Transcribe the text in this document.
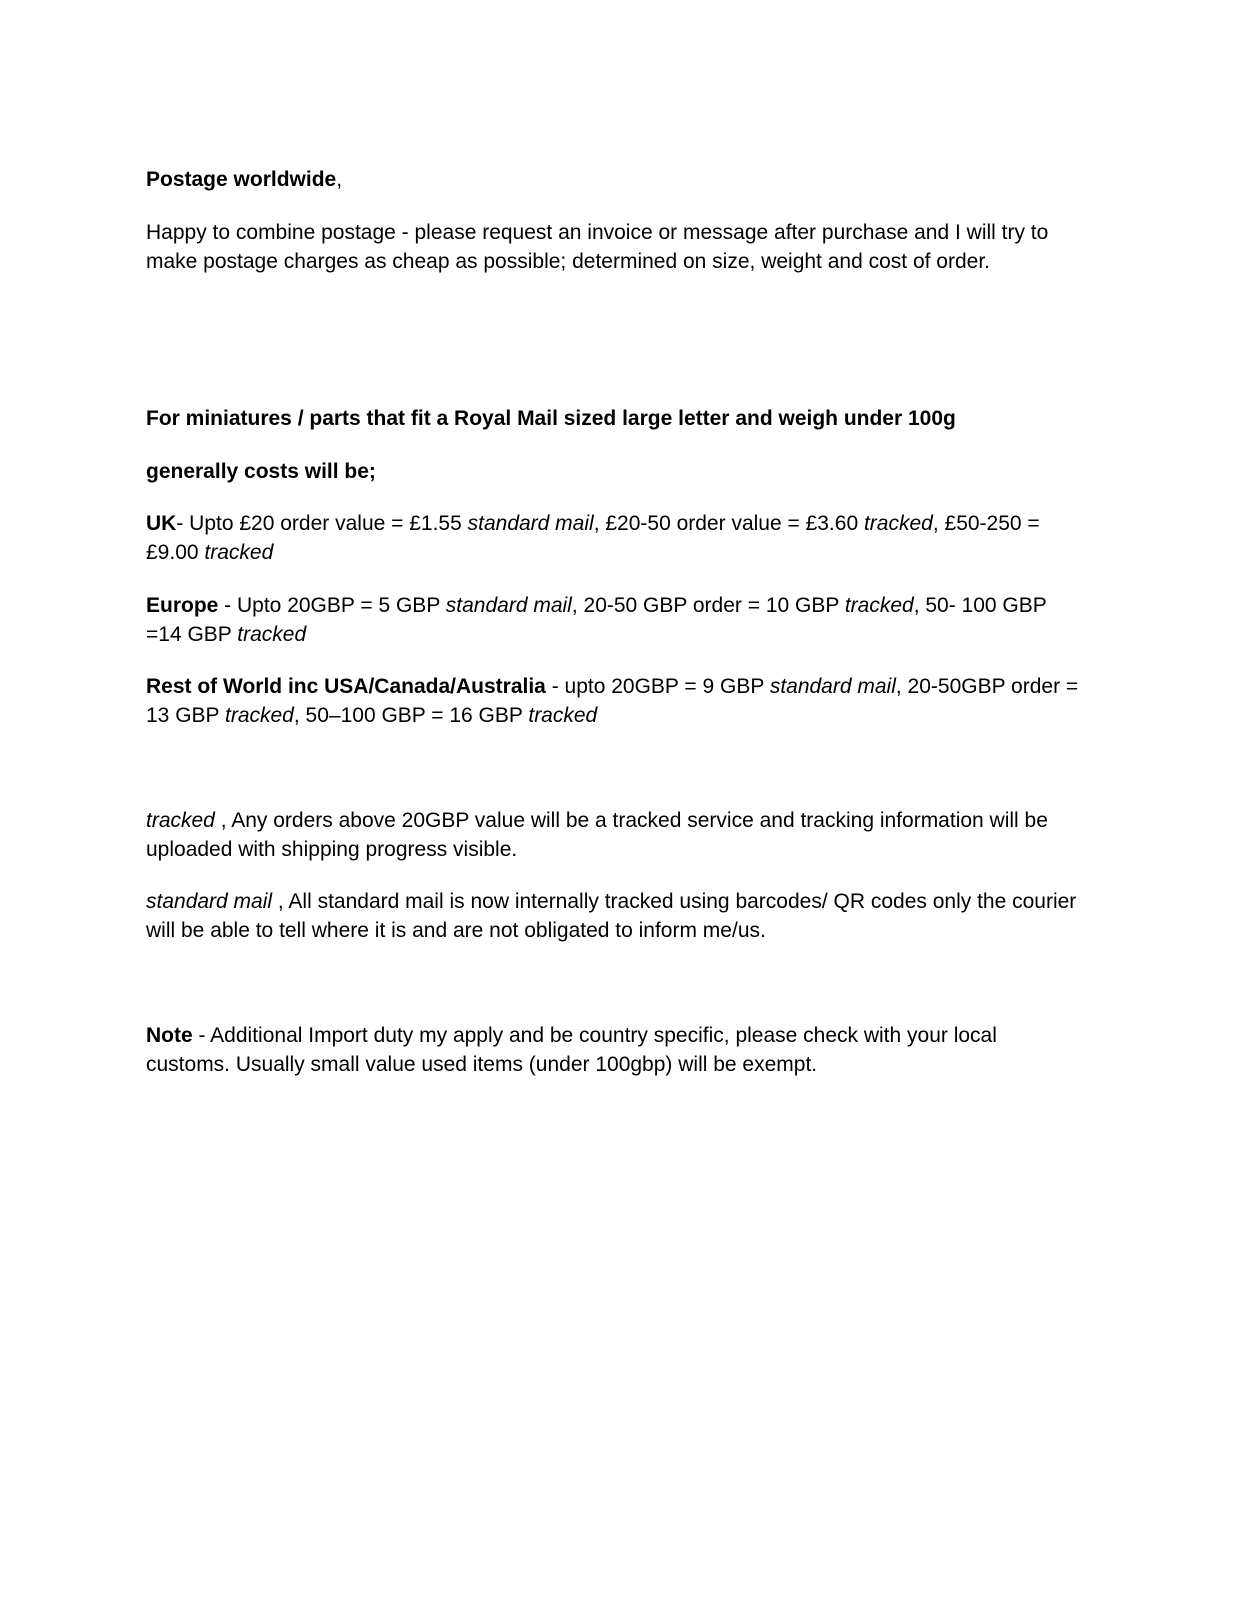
Postage worldwide,

Happy to combine postage - please request an invoice or message after purchase and I will try to make postage charges as cheap as possible; determined on size, weight and cost of order.

For miniatures / parts that fit a Royal Mail sized large letter and weigh under 100g

generally costs will be;

UK- Upto £20 order value = £1.55 standard mail, £20-50 order value = £3.60 tracked, £50-250 = £9.00 tracked

Europe - Upto 20GBP = 5 GBP standard mail, 20-50 GBP order = 10 GBP tracked, 50- 100 GBP =14 GBP tracked

Rest of World inc USA/Canada/Australia - upto 20GBP = 9 GBP standard mail, 20-50GBP order = 13 GBP tracked, 50–100 GBP = 16 GBP tracked

tracked , Any orders above 20GBP value will be a tracked service and tracking information will be uploaded with shipping progress visible.

standard mail , All standard mail is now internally tracked using barcodes/ QR codes only the courier will be able to tell where it is and are not obligated to inform me/us.

Note - Additional Import duty my apply and be country specific, please check with your local customs. Usually small value used items (under 100gbp) will be exempt.
